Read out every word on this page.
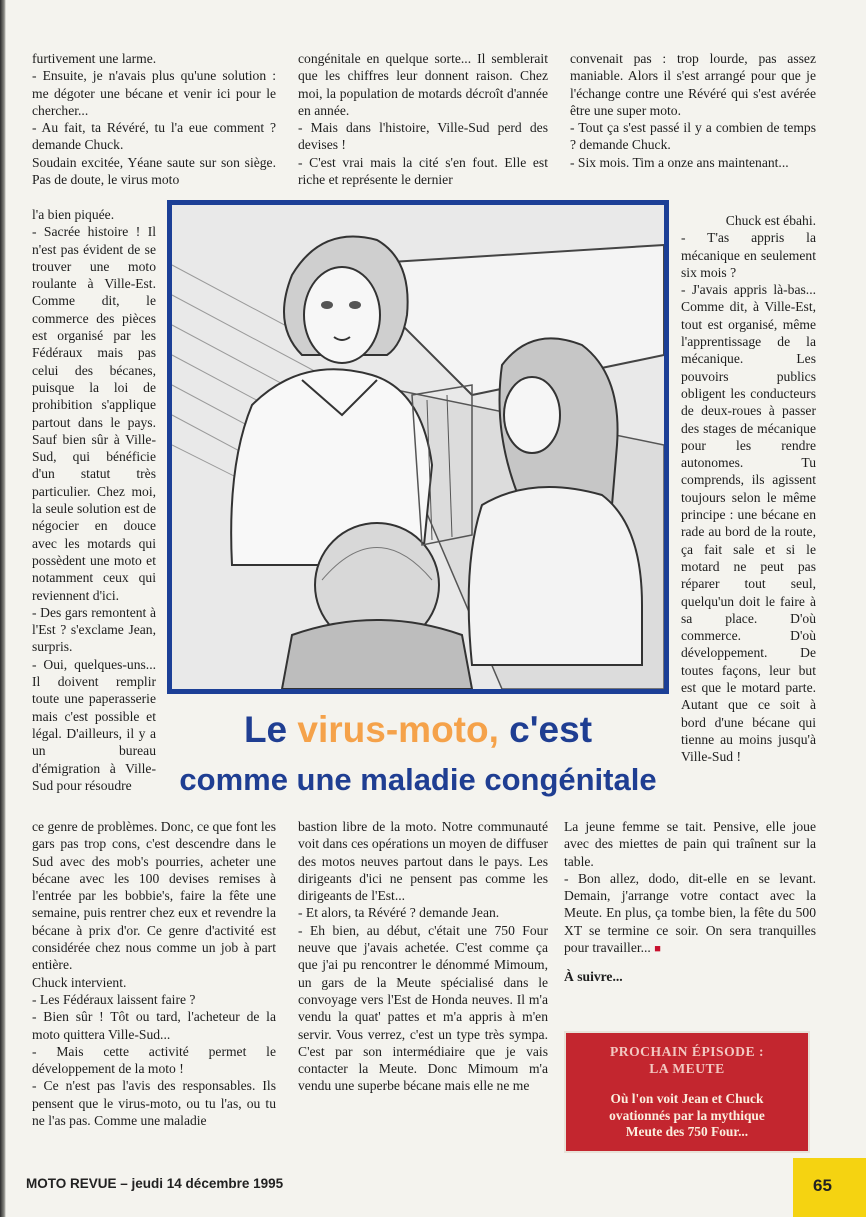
furtivement une larme.

- Ensuite, je n'avais plus qu'une solution : me dégoter une bécane et venir ici pour le chercher...

- Au fait, ta Révéré, tu l'a eue comment ? demande Chuck.

Soudain excitée, Yéane saute sur son siège. Pas de doute, le virus moto

congénitale en quelque sorte... Il semblerait que les chiffres leur donnent raison. Chez moi, la population de motards décroît d'année en année.

- Mais dans l'histoire, Ville-Sud perd des devises !

- C'est vrai mais la cité s'en fout. Elle est riche et représente le dernier

convenait pas : trop lourde, pas assez maniable. Alors il s'est arrangé pour que je l'échange contre une Révéré qui s'est avérée être une super moto.

- Tout ça s'est passé il y a combien de temps ? demande Chuck.

- Six mois. Tim a onze ans maintenant...

l'a bien piquée.

- Sacrée histoire ! Il n'est pas évident de se trouver une moto roulante à Ville-Est. Comme dit, le commerce des pièces est organisé par les Fédéraux mais pas celui des bécanes, puisque la loi de prohibition s'applique partout dans le pays. Sauf bien sûr à Ville-Sud, qui bénéficie d'un statut très particulier. Chez moi, la seule solution est de négocier en douce avec les motards qui possèdent une moto et notamment ceux qui reviennent d'ici.

- Des gars remontent à l'Est ? s'exclame Jean, surpris.

- Oui, quelques-uns... Il doivent remplir toute une paperasserie mais c'est possible et légal. D'ailleurs, il y a un bureau d'émigration à Ville-Sud pour résoudre

Chuck est ébahi.

- T'as appris la mécanique en seulement six mois ?

- J'avais appris là-bas... Comme dit, à Ville-Est, tout est organisé, même l'apprentissage de la mécanique. Les pouvoirs publics obligent les conducteurs de deux-roues à passer des stages de mécanique pour les rendre autonomes. Tu comprends, ils agissent toujours selon le même principe : une bécane en rade au bord de la route, ça fait sale et si le motard ne peut pas réparer tout seul, quelqu'un doit le faire à sa place. D'où commerce. D'où développement. De toutes façons, leur but est que le motard parte. Autant que ce soit à bord d'une bécane qui tienne au moins jusqu'à Ville-Sud !

Le virus-moto, c'est
comme une maladie congénitale

ce genre de problèmes. Donc, ce que font les gars pas trop cons, c'est descendre dans le Sud avec des mob's pourries, acheter une bécane avec les 100 devises remises à l'entrée par les bobbie's, faire la fête une semaine, puis rentrer chez eux et revendre la bécane à prix d'or. Ce genre d'activité est considérée chez nous comme un job à part entière.

Chuck intervient.

- Les Fédéraux laissent faire ?

- Bien sûr ! Tôt ou tard, l'acheteur de la moto quittera Ville-Sud...

- Mais cette activité permet le développement de la moto !

- Ce n'est pas l'avis des responsables. Ils pensent que le virus-moto, ou tu l'as, ou tu ne l'as pas. Comme une maladie

bastion libre de la moto. Notre communauté voit dans ces opérations un moyen de diffuser des motos neuves partout dans le pays. Les dirigeants d'ici ne pensent pas comme les dirigeants de l'Est...

- Et alors, ta Révéré ? demande Jean.

- Eh bien, au début, c'était une 750 Four neuve que j'avais achetée. C'est comme ça que j'ai pu rencontrer le dénommé Mimoum, un gars de la Meute spécialisé dans le convoyage vers l'Est de Honda neuves. Il m'a vendu la quat' pattes et m'a appris à m'en servir. Vous verrez, c'est un type très sympa. C'est par son intermédiaire que je vais contacter la Meute. Donc Mimoum m'a vendu une superbe bécane mais elle ne me

La jeune femme se tait. Pensive, elle joue avec des miettes de pain qui traînent sur la table.

- Bon allez, dodo, dit-elle en se levant. Demain, j'arrange votre contact avec la Meute. En plus, ça tombe bien, la fête du 500 XT se termine ce soir. On sera tranquilles pour travailler... ■

À suivre...

PROCHAIN ÉPISODE :
LA MEUTE
Où l'on voit Jean et Chuck
ovationnés par la mythique
Meute des 750 Four...
MOTO REVUE – jeudi 14 décembre 1995	65
